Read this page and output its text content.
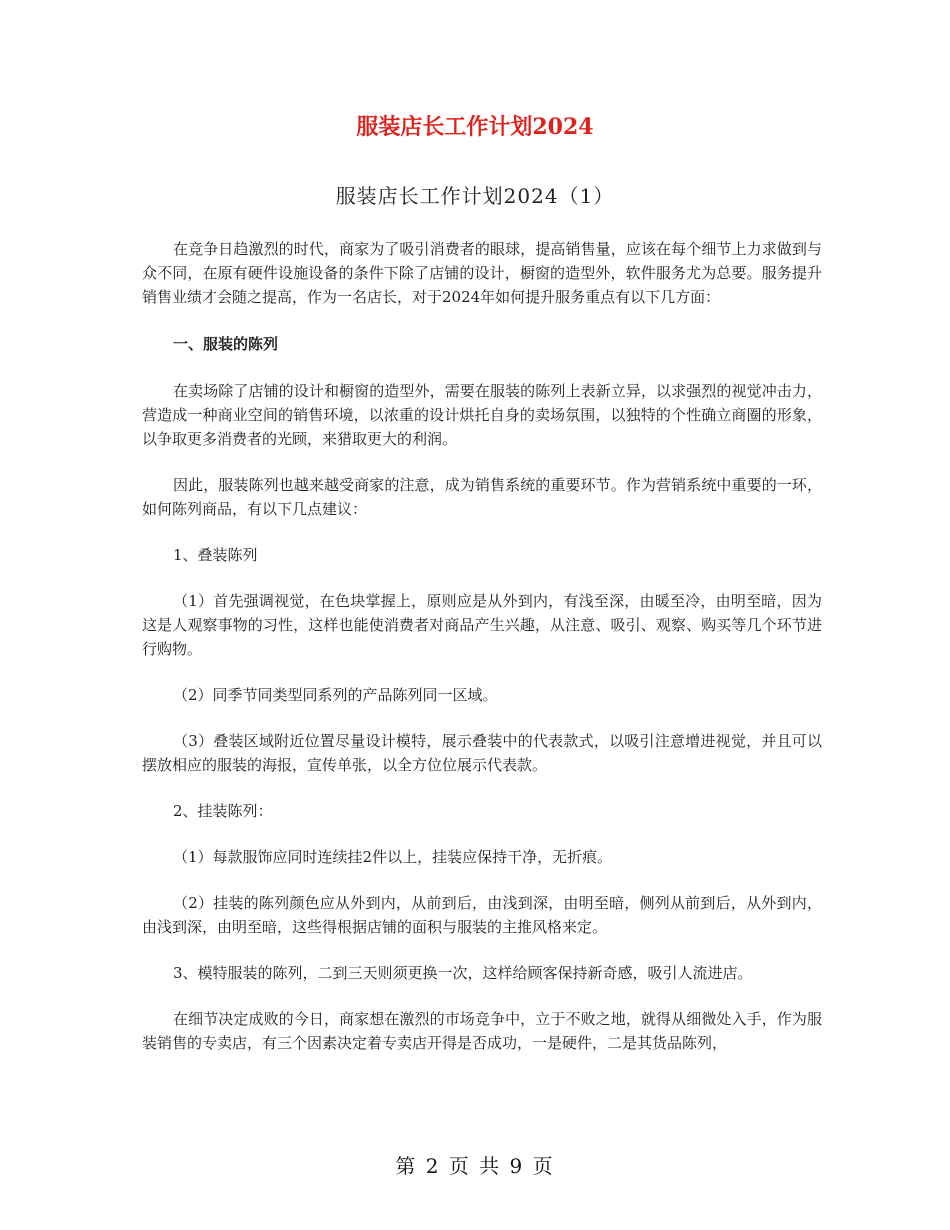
服装店长工作计划2024
服装店长工作计划2024（1）

在竞争日趋激烈的时代，商家为了吸引消费者的眼球，提高销售量，应该在每个细节上力求做到与众不同，在原有硬件设施设备的条件下除了店铺的设计，橱窗的造型外，软件服务尤为总要。服务提升销售业绩才会随之提高，作为一名店长，对于2024年如何提升服务重点有以下几方面：

一、服装的陈列

在卖场除了店铺的设计和橱窗的造型外，需要在服装的陈列上表新立异，以求强烈的视觉冲击力，营造成一种商业空间的销售环境，以浓重的设计烘托自身的卖场氛围，以独特的个性确立商圈的形象，以争取更多消费者的光顾，来猎取更大的利润。

因此，服装陈列也越来越受商家的注意，成为销售系统的重要环节。作为营销系统中重要的一环，如何陈列商品，有以下几点建议：

1、叠装陈列

（1）首先强调视觉，在色块掌握上，原则应是从外到内，有浅至深，由暖至冷，由明至暗，因为这是人观察事物的习性，这样也能使消费者对商品产生兴趣，从注意、吸引、观察、购买等几个环节进行购物。

（2）同季节同类型同系列的产品陈列同一区域。

（3）叠装区域附近位置尽量设计模特，展示叠装中的代表款式，以吸引注意增进视觉，并且可以摆放相应的服装的海报，宣传单张，以全方位位展示代表款。

2、挂装陈列：

（1）每款服饰应同时连续挂2件以上，挂装应保持干净，无折痕。

（2）挂装的陈列颜色应从外到内，从前到后，由浅到深，由明至暗，侧列从前到后，从外到内，由浅到深，由明至暗，这些得根据店铺的面积与服装的主推风格来定。

3、模特服装的陈列，二到三天则须更换一次，这样给顾客保持新奇感，吸引人流进店。

在细节决定成败的今日，商家想在激烈的市场竞争中，立于不败之地，就得从细微处入手，作为服装销售的专卖店，有三个因素决定着专卖店开得是否成功，一是硬件，二是其货品陈列，

第 2 页 共 9 页
